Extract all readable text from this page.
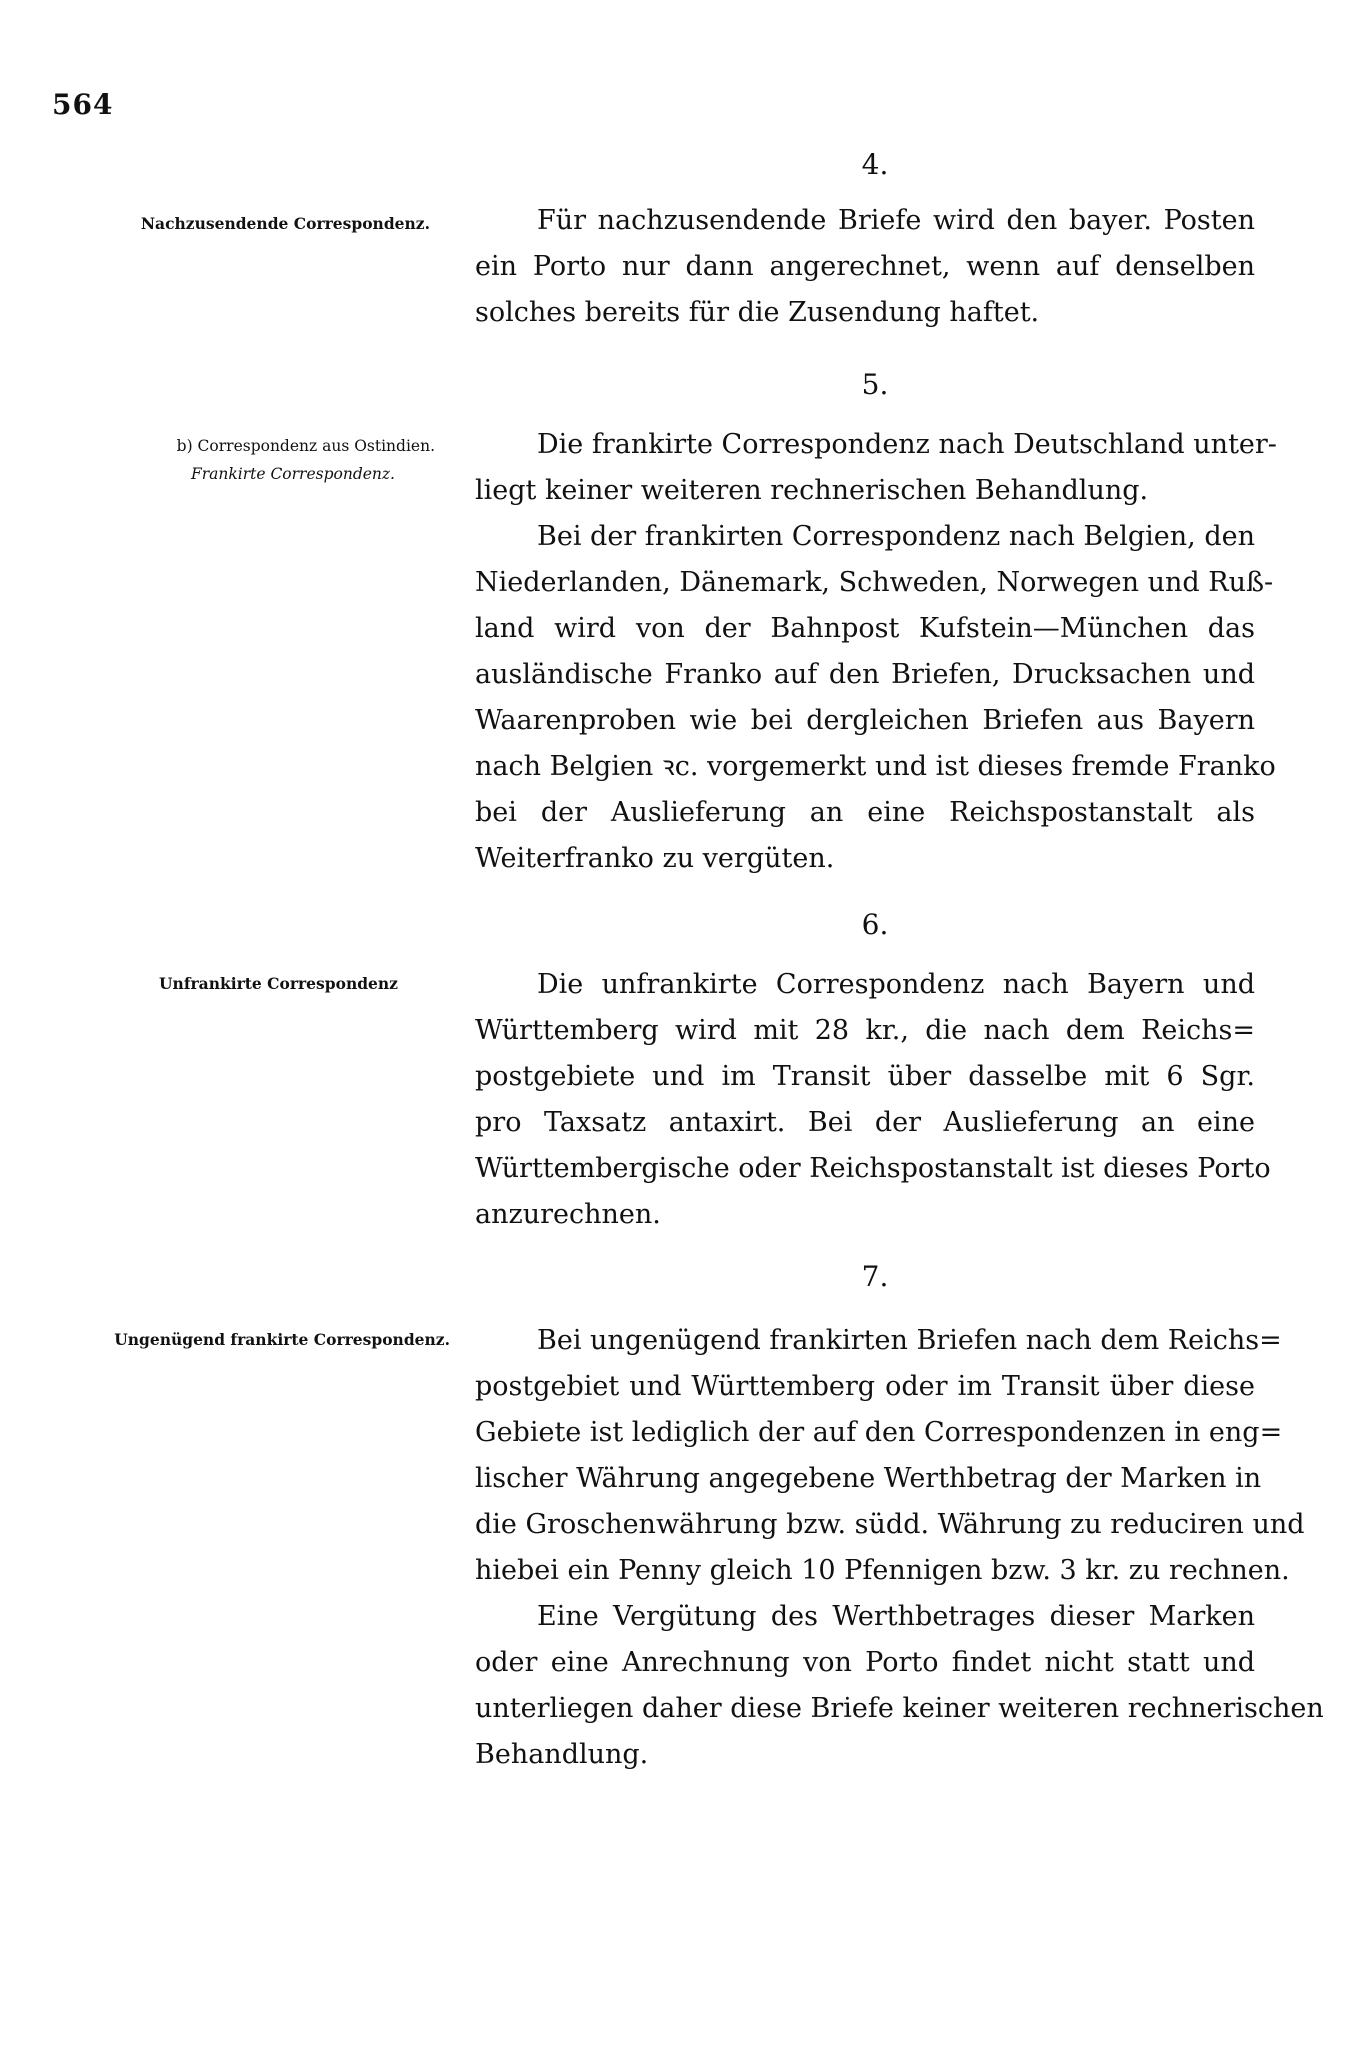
564
4.
Nachzusendende Correspondenz.	Für nachzusendende Briefe wird den bayer. Posten
ein Porto nur dann angerechnet, wenn auf denselben
solches bereits für die Zusendung haftet.

5.
b) Correspondenz aus Ostindien.
Frankirte Correspondenz.

Die frankirte Correspondenz nach Deutschland unter-
liegt keiner weiteren rechnerischen Behandlung.

Bei der frankirten Correspondenz nach Belgien, den
Niederlanden, Dänemark, Schweden, Norwegen und Ruß-
land wird von der Bahnpost Kufstein—München das
ausländische Franko auf den Briefen, Drucksachen und
Waarenproben wie bei dergleichen Briefen aus Bayern
nach Belgien ꝛc. vorgemerkt und ist dieses fremde Franko
bei der Auslieferung an eine Reichspostanstalt als
Weiterfranko zu vergüten.

6.
Unfrankirte Correspondenz	Die unfrankirte Correspondenz nach Bayern und
Württemberg wird mit 28 kr., die nach dem Reichs=
postgebiete und im Transit über dasselbe mit 6 Sgr.
pro Taxsatz antaxirt. Bei der Auslieferung an eine
Württembergische oder Reichspostanstalt ist dieses Porto
anzurechnen.

7.
Ungenügend frankirte Correspondenz.	Bei ungenügend frankirten Briefen nach dem Reichs=
postgebiet und Württemberg oder im Transit über diese
Gebiete ist lediglich der auf den Correspondenzen in eng=
lischer Währung angegebene Werthbetrag der Marken in
die Groschenwährung bzw. südd. Währung zu reduciren und
hiebei ein Penny gleich 10 Pfennigen bzw. 3 kr. zu rechnen.

Eine Vergütung des Werthbetrages dieser Marken
oder eine Anrechnung von Porto findet nicht statt und
unterliegen daher diese Briefe keiner weiteren rechnerischen
Behandlung.
